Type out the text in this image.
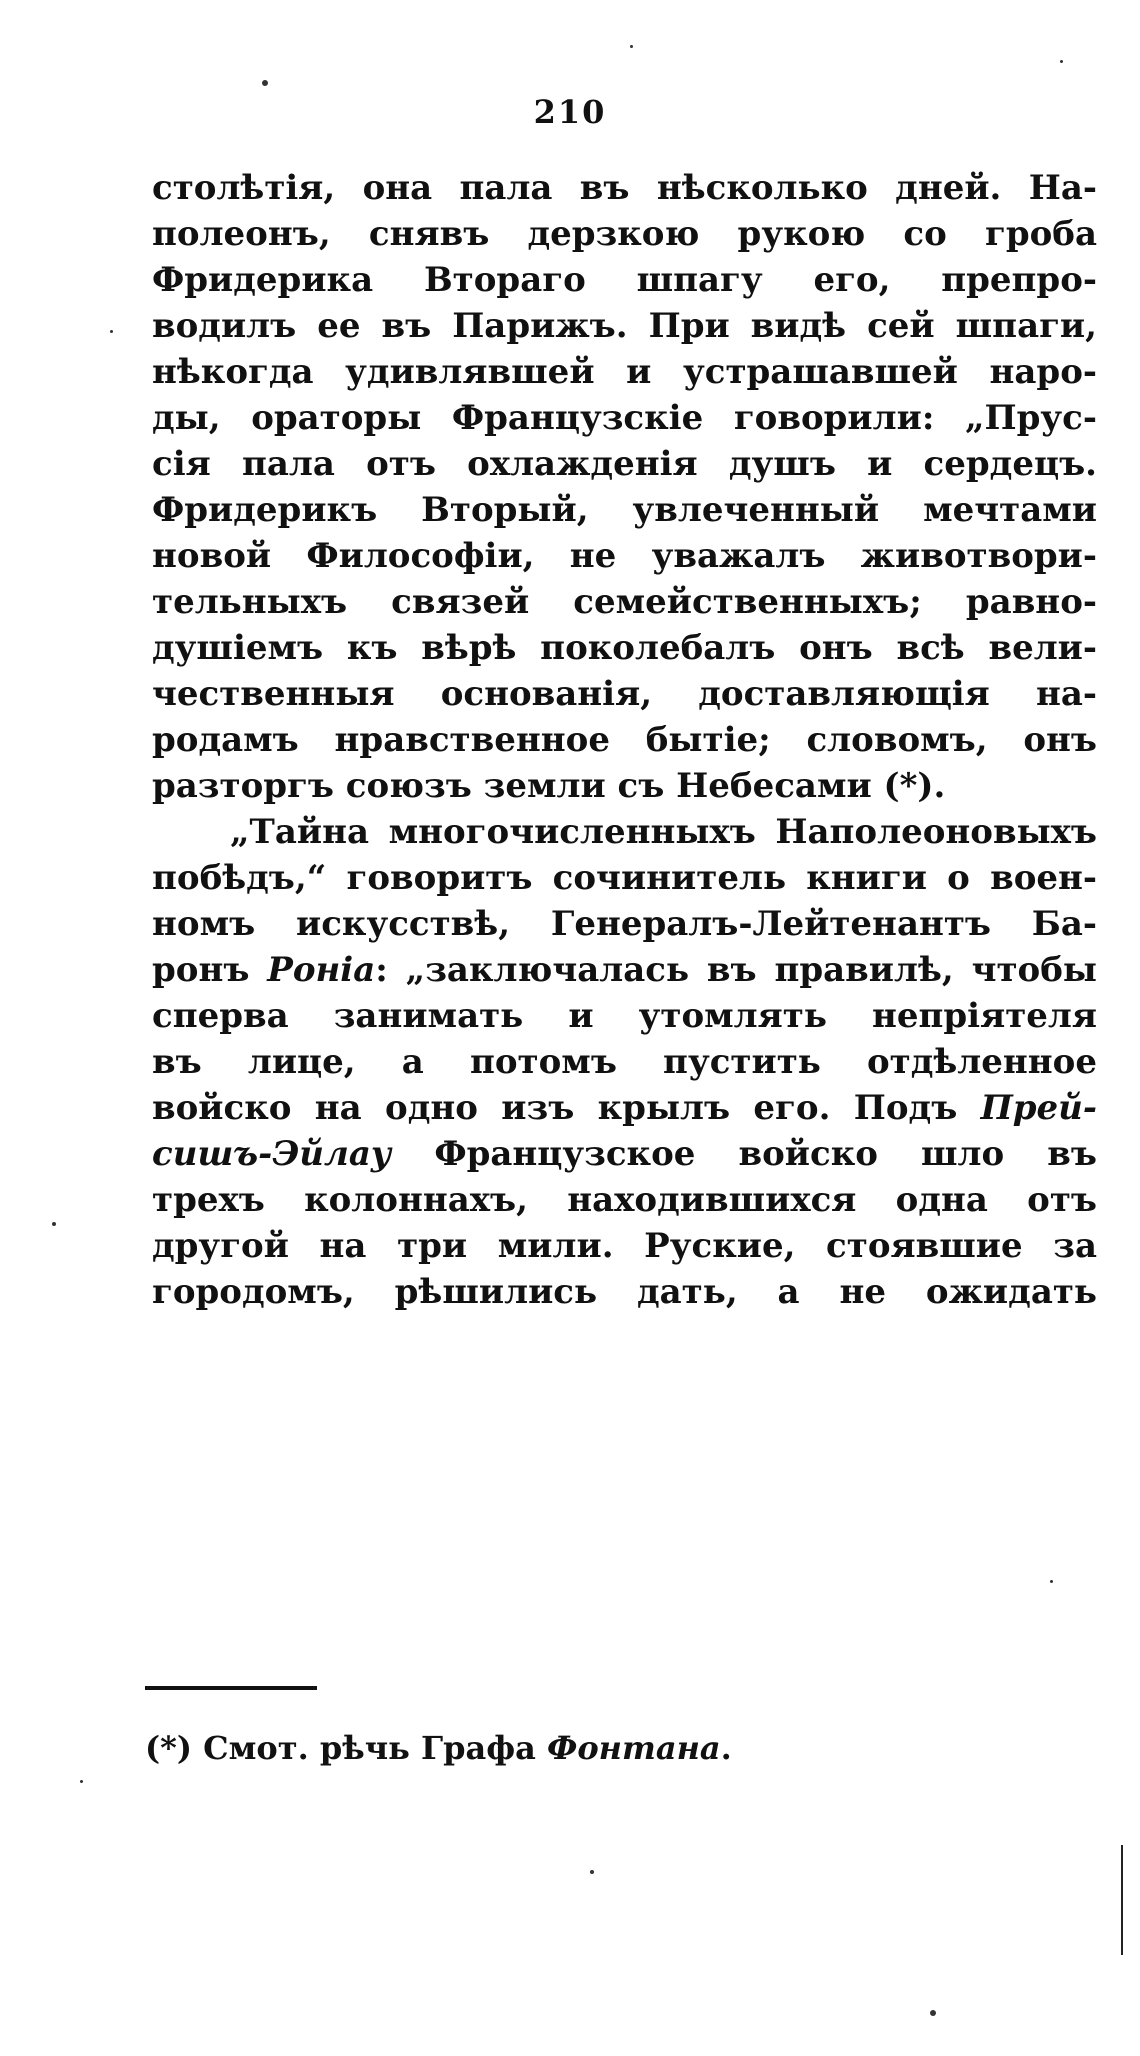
210
столѣтія, она пала въ нѣсколько дней. На-
полеонъ, снявъ дерзкою рукою со гроба
Фридерика Втораго шпагу его, препро-
водилъ ее въ Парижъ. При видѣ сей шпаги,
нѣкогда удивлявшей и устрашавшей наро-
ды, ораторы Французскіе говорили: „Прус-
сія пала отъ охлажденія душъ и сердецъ.
Фридерикъ Вторый, увлеченный мечтами
новой Философіи, не уважалъ животвори-
тельныхъ связей семейственныхъ; равно-
душіемъ къ вѣрѣ поколебалъ онъ всѣ вели-
чественныя основанія, доставляющія на-
родамъ нравственное бытіе; словомъ, онъ
разторгъ союзъ земли съ Небесами (*).
„Тайна многочисленныхъ Наполеоновыхъ
побѣдъ,“ говоритъ сочинитель книги о воен-
номъ искусствѣ, Генералъ-Лейтенантъ Ба-
ронъ Роніа: „заключалась въ правилѣ, чтобы
сперва занимать и утомлять непріятеля
въ лице, а потомъ пустить отдѣленное
войско на одно изъ крылъ его. Подъ Прей-
сишъ-Эйлау Французское войско шло въ
трехъ колоннахъ, находившихся одна отъ
другой на три мили. Руские, стоявшие за
городомъ, рѣшились дать, а не ожидать
(*) Смот. рѣчь Графа Фонтана.
